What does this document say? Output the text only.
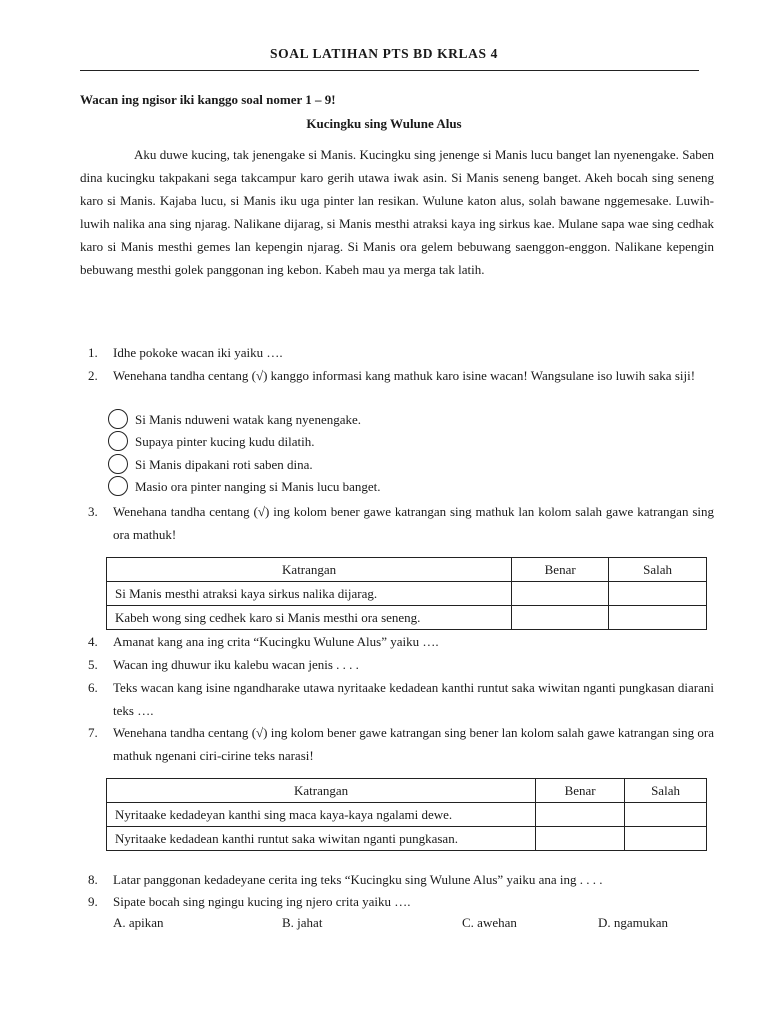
SOAL LATIHAN PTS BD KRLAS 4
Wacan ing ngisor iki kanggo soal nomer 1 – 9!
Kucingku sing Wulune Alus

Aku duwe kucing, tak jenengake si Manis. Kucingku sing jenenge si Manis lucu banget lan nyenengake. Saben dina kucingku takpakani sega takcampur karo gerih utawa iwak asin. Si Manis seneng banget. Akeh bocah sing seneng karo si Manis. Kajaba lucu, si Manis iku uga pinter lan resikan. Wulune katon alus, solah bawane nggemesake. Luwih-luwih nalika ana sing njarag. Nalikane dijarag, si Manis mesthi atraksi kaya ing sirkus kae. Mulane sapa wae sing cedhak karo si Manis mesthi gemes lan kepengin njarag. Si Manis ora gelem bebuwang saenggon-enggon. Nalikane kepengin bebuwang mesthi golek panggonan ing kebon. Kabeh mau ya merga tak latih.

1.	Idhe pokoke wacan iki yaiku ….
2.	Wenehana tandha centang (√) kanggo informasi kang mathuk karo isine wacan! Wangsulane iso luwih saka siji!
Si Manis nduweni watak kang nyenengake.
Supaya pinter kucing kudu dilatih.
Si Manis dipakani roti saben dina.
Masio ora pinter nanging si Manis lucu banget.
3.	Wenehana tandha centang (√) ing kolom bener gawe katrangan sing mathuk lan kolom salah gawe katrangan sing ora mathuk!
Katrangan	Benar	Salah
Si Manis mesthi atraksi kaya sirkus nalika dijarag.		
Kabeh wong sing cedhek karo si Manis mesthi ora seneng.		
4.	Amanat kang ana ing crita “Kucingku Wulune Alus” yaiku ….
5.	Wacan ing dhuwur iku kalebu wacan jenis . . . .
6.	Teks wacan kang isine ngandharake utawa nyritaake kedadean kanthi runtut saka wiwitan nganti pungkasan diarani teks ….
7.	Wenehana tandha centang (√) ing kolom bener gawe katrangan sing bener lan kolom salah gawe katrangan sing ora mathuk ngenani ciri-cirine teks narasi!
Katrangan	Benar	Salah
Nyritaake kedadeyan kanthi sing maca kaya-kaya ngalami dewe.		
Nyritaake kedadean kanthi runtut saka wiwitan nganti pungkasan.		
8.	Latar panggonan kedadeyane cerita ing teks “Kucingku sing Wulune Alus” yaiku ana ing . . . .
9.	Sipate bocah sing ngingu kucing ing njero crita yaiku ….
A. apikan	B. jahat	C. awehan	D. ngamukan
